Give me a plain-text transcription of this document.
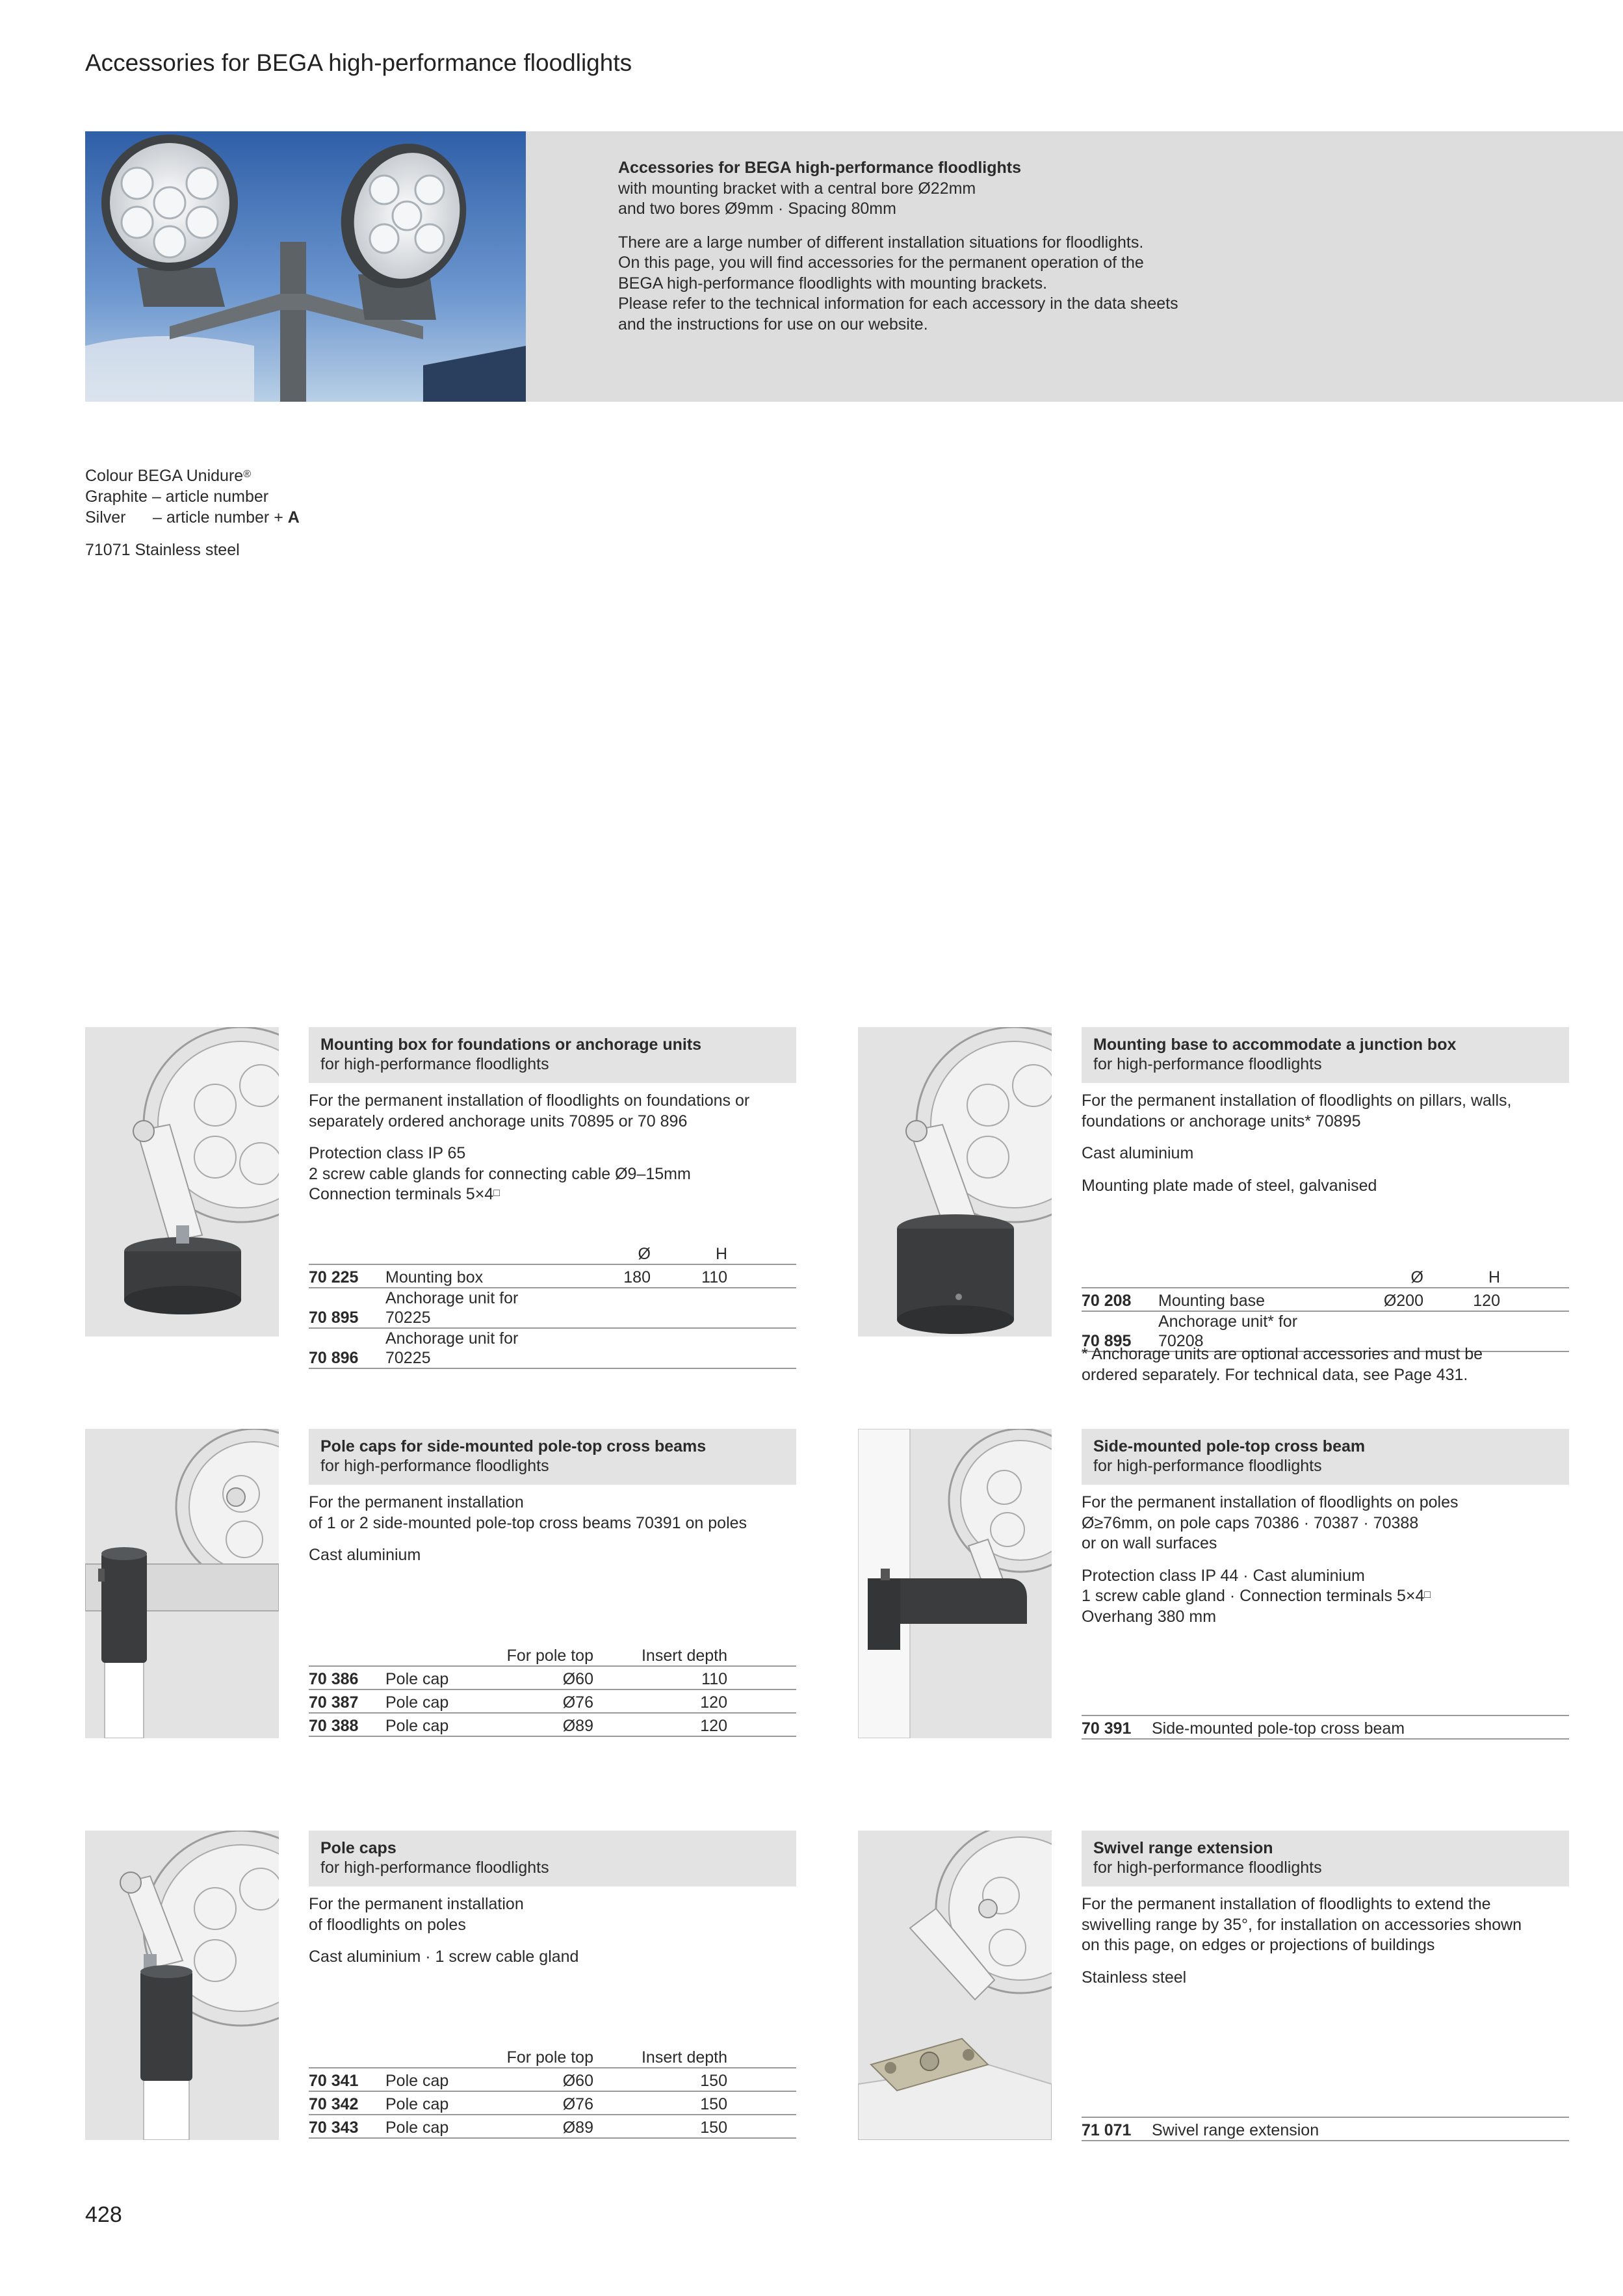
Accessories for BEGA high-performance floodlights

Accessories for BEGA high-performance floodlights
with mounting bracket with a central bore Ø22mm
and two bores Ø9mm · Spacing 80mm

There are a large number of different installation situations for floodlights.
On this page, you will find accessories for the permanent operation of the
BEGA high-performance floodlights with mounting brackets.
Please refer to the technical information for each accessory in the data sheets
and the instructions for use on our website.

Colour BEGA Unidure®
Graphite – article number
Silver – article number + A
71071 Stainless steel
Mounting box for foundations or anchorage units
for high-performance floodlights

For the permanent installation of floodlights on foundations or
separately ordered anchorage units 70895 or 70 896

Protection class IP 65
2 screw cable glands for connecting cable Ø9–15mm
Connection terminals 5×4□

		Ø	H
70 225	Mounting box	180	110
70 895	Anchorage unit for 70225		
70 896	Anchorage unit for 70225		
Mounting base to accommodate a junction box
for high-performance floodlights

For the permanent installation of floodlights on pillars, walls,
foundations or anchorage units* 70895

Cast aluminium

Mounting plate made of steel, galvanised

		Ø	H
70 208	Mounting base	Ø200	120
70 895	Anchorage unit* for 70208		
* Anchorage units are optional accessories and must be
ordered separately. For technical data, see Page 431.
Pole caps for side-mounted pole-top cross beams
for high-performance floodlights

For the permanent installation
of 1 or 2 side-mounted pole-top cross beams 70391 on poles

Cast aluminium

		For pole top	Insert depth
70 386	Pole cap	Ø60	110
70 387	Pole cap	Ø76	120
70 388	Pole cap	Ø89	120
Side-mounted pole-top cross beam
for high-performance floodlights

For the permanent installation of floodlights on poles
Ø≥76mm, on pole caps 70386 · 70387 · 70388
or on wall surfaces

Protection class IP 44 · Cast aluminium
1 screw cable gland · Connection terminals 5×4□
Overhang 380 mm

70 391	Side-mounted pole-top cross beam
Pole caps
for high-performance floodlights

For the permanent installation
of floodlights on poles

Cast aluminium · 1 screw cable gland

		For pole top	Insert depth
70 341	Pole cap	Ø60	150
70 342	Pole cap	Ø76	150
70 343	Pole cap	Ø89	150
Swivel range extension
for high-performance floodlights

For the permanent installation of floodlights to extend the
swivelling range by 35°, for installation on accessories shown
on this page, on edges or projections of buildings

Stainless steel

71 071	Swivel range extension
428
